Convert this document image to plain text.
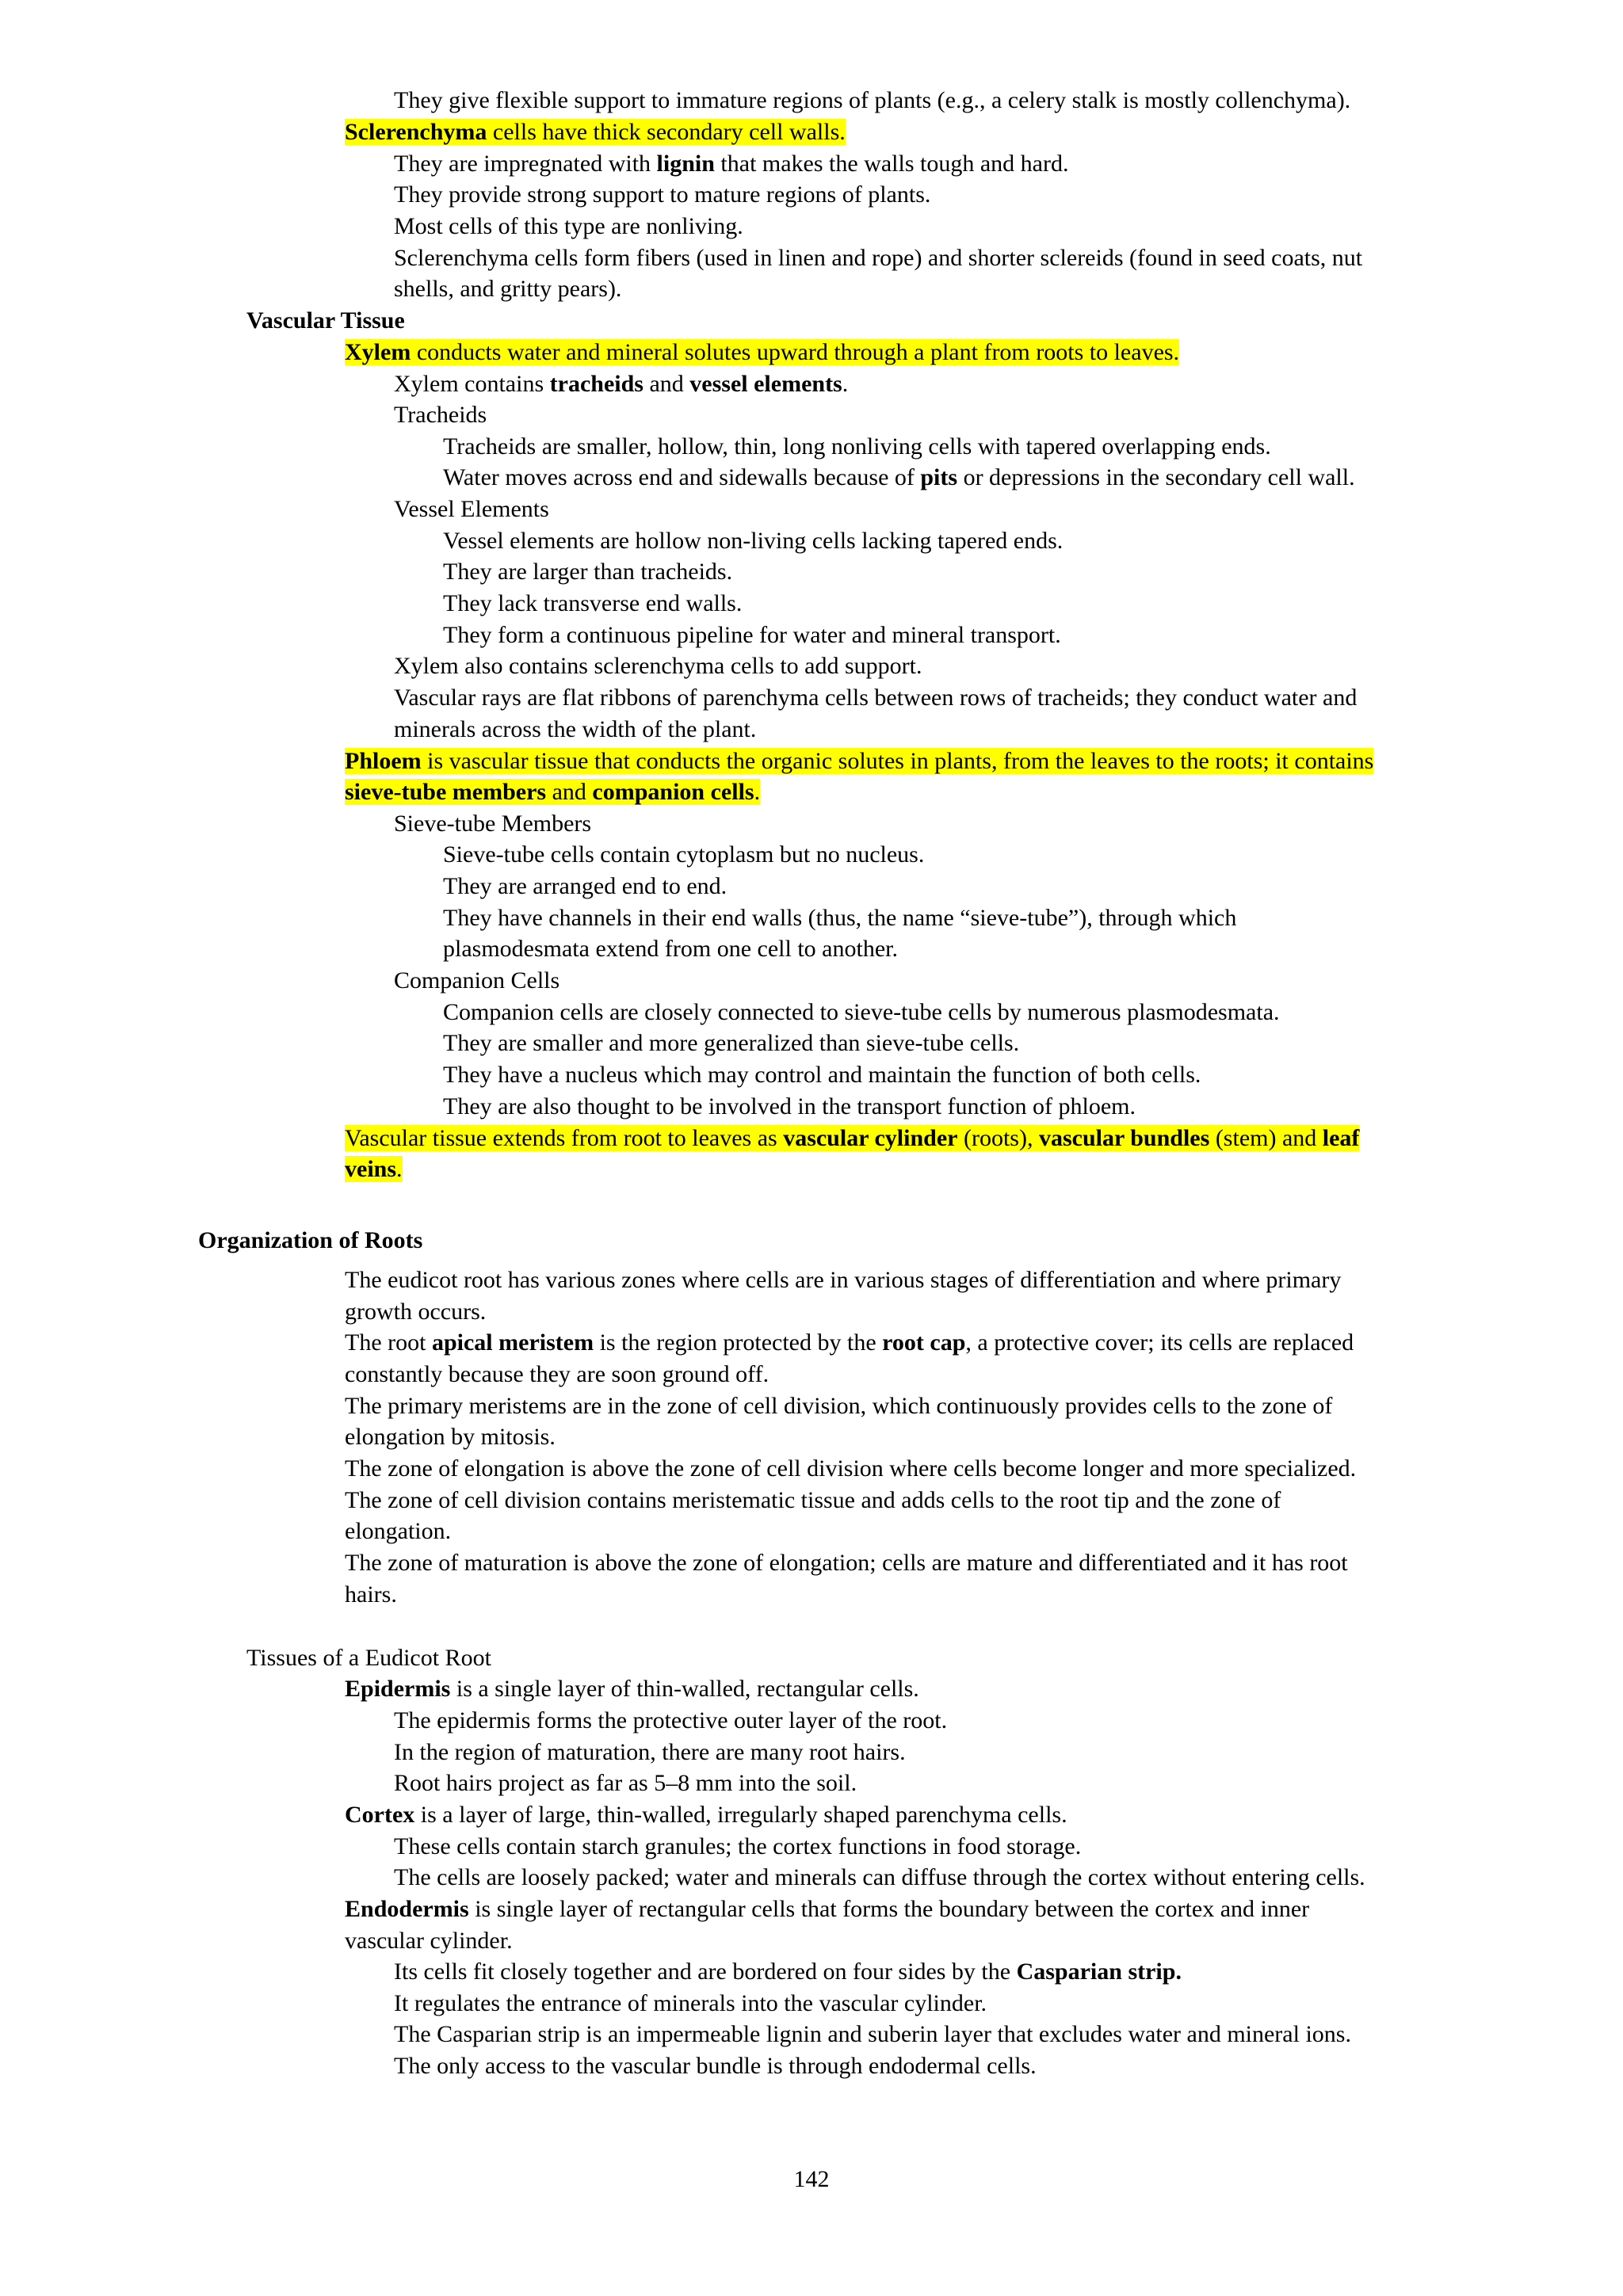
They give flexible support to immature regions of plants (e.g., a celery stalk is mostly collenchyma).
Sclerenchyma cells have thick secondary cell walls.
They are impregnated with lignin that makes the walls tough and hard.
They provide strong support to mature regions of plants.
Most cells of this type are nonliving.
Sclerenchyma cells form fibers (used in linen and rope) and shorter sclereids (found in seed coats, nut
shells, and gritty pears).
Vascular Tissue
Xylem conducts water and mineral solutes upward through a plant from roots to leaves.
Xylem contains tracheids and vessel elements.
Tracheids
Tracheids are smaller, hollow, thin, long nonliving cells with tapered overlapping ends.
Water moves across end and sidewalls because of pits or depressions in the secondary cell wall.
Vessel Elements
Vessel elements are hollow non-living cells lacking tapered ends.
They are larger than tracheids.
They lack transverse end walls.
They form a continuous pipeline for water and mineral transport.
Xylem also contains sclerenchyma cells to add support.
Vascular rays are flat ribbons of parenchyma cells between rows of tracheids; they conduct water and
minerals across the width of the plant.
Phloem is vascular tissue that conducts the organic solutes in plants, from the leaves to the roots; it contains
sieve-tube members and companion cells.
Sieve-tube Members
Sieve-tube cells contain cytoplasm but no nucleus.
They are arranged end to end.
They have channels in their end walls (thus, the name “sieve-tube”), through which
plasmodesmata extend from one cell to another.
Companion Cells
Companion cells are closely connected to sieve-tube cells by numerous plasmodesmata.
They are smaller and more generalized than sieve-tube cells.
They have a nucleus which may control and maintain the function of both cells.
They are also thought to be involved in the transport function of phloem.
Vascular tissue extends from root to leaves as vascular cylinder (roots), vascular bundles (stem) and leaf
veins.
Organization of Roots
The eudicot root has various zones where cells are in various stages of differentiation and where primary
growth occurs.
The root apical meristem is the region protected by the root cap, a protective cover; its cells are replaced
constantly because they are soon ground off.
The primary meristems are in the zone of cell division, which continuously provides cells to the zone of
elongation by mitosis.
The zone of elongation is above the zone of cell division where cells become longer and more specialized.
The zone of cell division contains meristematic tissue and adds cells to the root tip and the zone of
elongation.
The zone of maturation is above the zone of elongation; cells are mature and differentiated and it has root
hairs.
Tissues of a Eudicot Root
Epidermis is a single layer of thin-walled, rectangular cells.
The epidermis forms the protective outer layer of the root.
In the region of maturation, there are many root hairs.
Root hairs project as far as 5–8 mm into the soil.
Cortex is a layer of large, thin-walled, irregularly shaped parenchyma cells.
These cells contain starch granules; the cortex functions in food storage.
The cells are loosely packed; water and minerals can diffuse through the cortex without entering cells.
Endodermis is single layer of rectangular cells that forms the boundary between the cortex and inner
vascular cylinder.
Its cells fit closely together and are bordered on four sides by the Casparian strip.
It regulates the entrance of minerals into the vascular cylinder.
The Casparian strip is an impermeable lignin and suberin layer that excludes water and mineral ions.
The only access to the vascular bundle is through endodermal cells.
142
